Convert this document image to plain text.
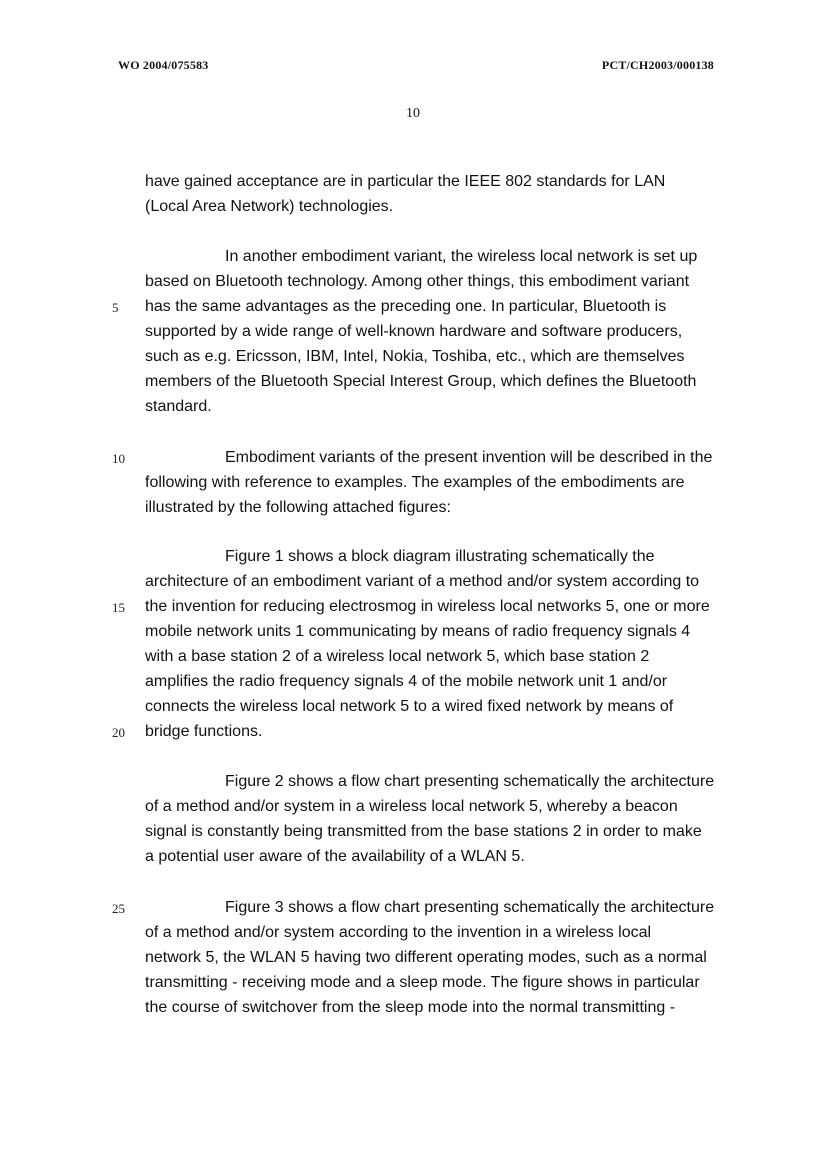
WO 2004/075583	PCT/CH2003/000138
10
have gained acceptance are in particular the IEEE 802 standards for LAN
(Local Area Network) technologies.
In another embodiment variant, the wireless local network is set up
based on Bluetooth technology. Among other things, this embodiment variant
has the same advantages as the preceding one. In particular, Bluetooth is
supported by a wide range of well-known hardware and software producers,
such as e.g. Ericsson, IBM, Intel, Nokia, Toshiba, etc., which are themselves
members of the Bluetooth Special Interest Group, which defines the Bluetooth
standard.
Embodiment variants of the present invention will be described in the
following with reference to examples. The examples of the embodiments are
illustrated by the following attached figures:
Figure 1 shows a block diagram illustrating schematically the
architecture of an embodiment variant of a method and/or system according to
the invention for reducing electrosmog in wireless local networks 5, one or more
mobile network units 1 communicating by means of radio frequency signals 4
with a base station 2 of a wireless local network 5, which base station 2
amplifies the radio frequency signals 4 of the mobile network unit 1 and/or
connects the wireless local network 5 to a wired fixed network by means of
bridge functions.
Figure 2 shows a flow chart presenting schematically the architecture
of a method and/or system in a wireless local network 5, whereby a beacon
signal is constantly being transmitted from the base stations 2 in order to make
a potential user aware of the availability of a WLAN 5.
Figure 3 shows a flow chart presenting schematically the architecture
of a method and/or system according to the invention in a wireless local
network 5, the WLAN 5 having two different operating modes, such as a normal
transmitting - receiving mode and a sleep mode. The figure shows in particular
the course of switchover from the sleep mode into the normal transmitting -
5
10
15
20
25
